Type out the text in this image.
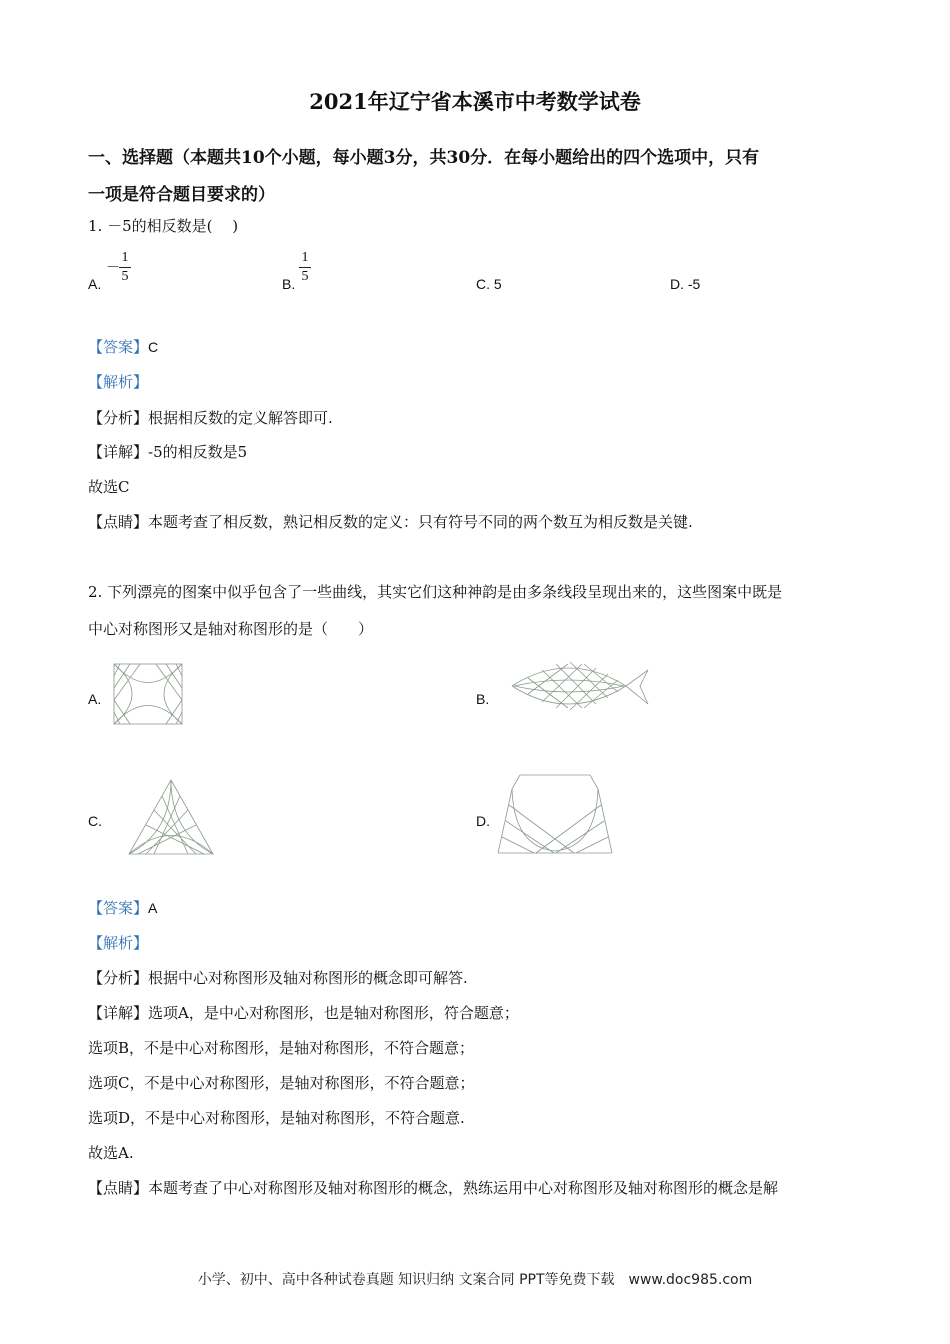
2021年辽宁省本溪市中考数学试卷
一、选择题（本题共10个小题，每小题3分，共30分．在每小题给出的四个选项中，只有
一项是符合题目要求的）
1. －5的相反数是(　 )
A.
－
1
5	B.
1
5	C. 5	D. -5
【答案】C
【解析】
【分析】根据相反数的定义解答即可.
【详解】-5的相反数是5
故选C
【点睛】本题考查了相反数，熟记相反数的定义：只有符号不同的两个数互为相反数是关键.
2. 下列漂亮的图案中似乎包含了一些曲线，其实它们这种神韵是由多条线段呈现出来的，这些图案中既是
中心对称图形又是轴对称图形的是（　　）
A.	B.
C.	D.
【答案】A
【解析】
【分析】根据中心对称图形及轴对称图形的概念即可解答.
【详解】选项A，是中心对称图形，也是轴对称图形，符合题意；
选项B，不是中心对称图形，是轴对称图形，不符合题意；
选项C，不是中心对称图形，是轴对称图形，不符合题意；
选项D，不是中心对称图形，是轴对称图形，不符合题意.
故选A.
【点睛】本题考查了中心对称图形及轴对称图形的概念，熟练运用中心对称图形及轴对称图形的概念是解
小学、初中、高中各种试卷真题 知识归纳 文案合同 PPT等免费下载　www.doc985.com
